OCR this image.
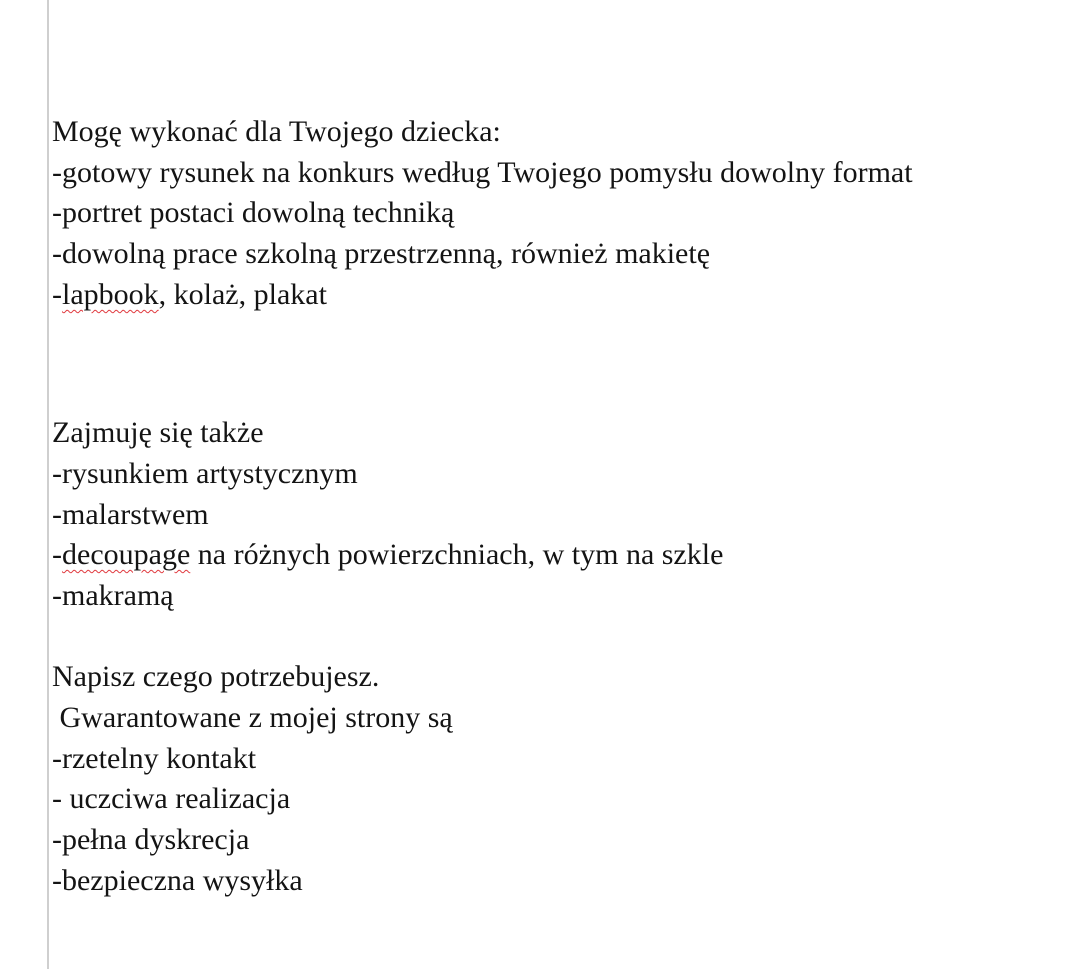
Mogę wykonać dla Twojego dziecka:
-gotowy rysunek na konkurs według Twojego pomysłu dowolny format
-portret postaci dowolną techniką
-dowolną prace szkolną przestrzenną, również makietę
-lapbook, kolaż, plakat
Zajmuję się także
-rysunkiem artystycznym
-malarstwem
-decoupage na różnych powierzchniach, w tym na szkle
-makramą
Napisz czego potrzebujesz.
Gwarantowane z mojej strony są
-rzetelny kontakt
- uczciwa realizacja
-pełna dyskrecja
-bezpieczna wysyłka
